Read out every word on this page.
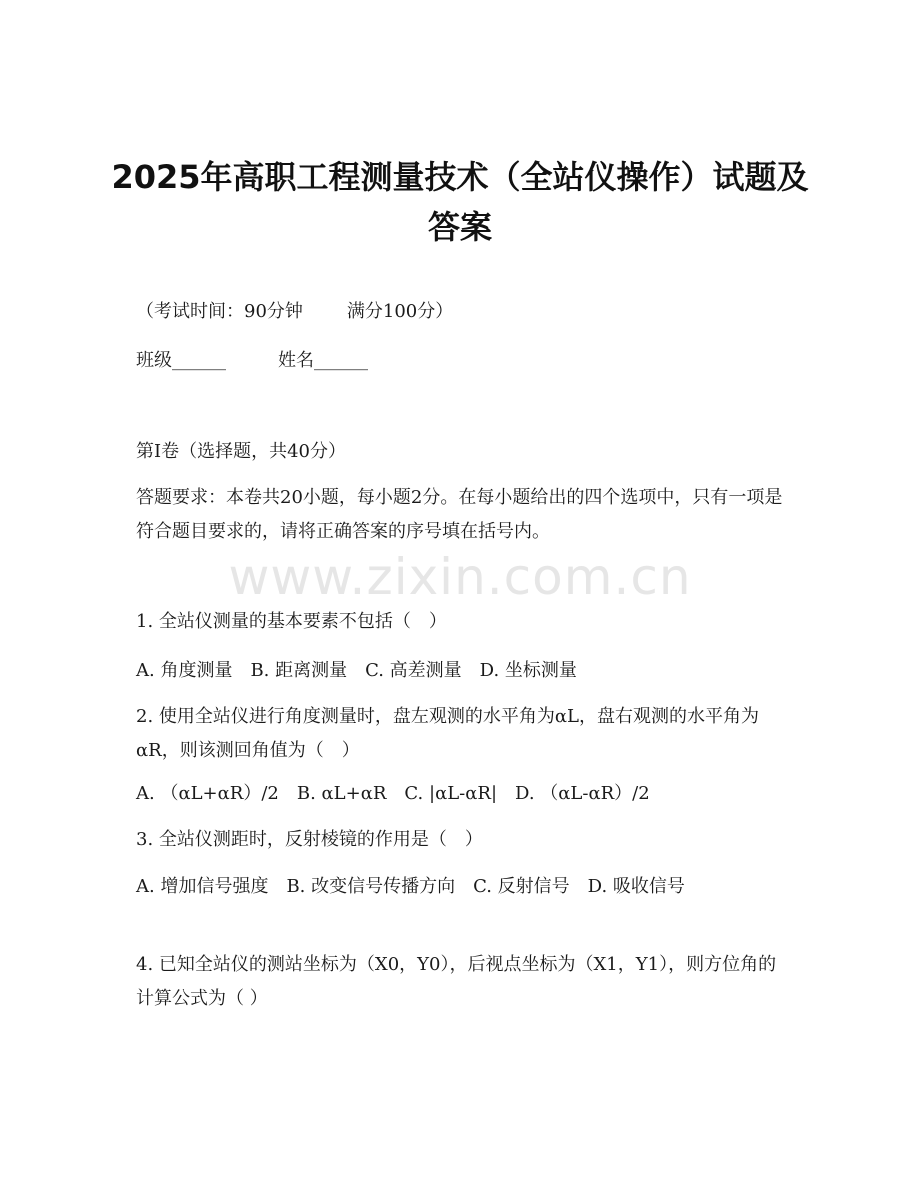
2025年高职工程测量技术（全站仪操作）试题及答案
（考试时间：90分钟 满分100分）
班级______	姓名______
第Ⅰ卷（选择题，共40分）
答题要求：本卷共20小题，每小题2分。在每小题给出的四个选项中，只有一项是符合题目要求的，请将正确答案的序号填在括号内。
www.zixin.com.cn
1. 全站仪测量的基本要素不包括（　）
A. 角度测量　B. 距离测量　C. 高差测量　D. 坐标测量
2. 使用全站仪进行角度测量时，盘左观测的水平角为αL，盘右观测的水平角为αR，则该测回角值为（　）
A. （αL+αR）/2　B. αL+αR　C. |αL-αR|　D. （αL-αR）/2
3. 全站仪测距时，反射棱镜的作用是（　）
A. 增加信号强度　B. 改变信号传播方向　C. 反射信号　D. 吸收信号
4. 已知全站仪的测站坐标为（X0，Y0），后视点坐标为（X1，Y1），则方位角的计算公式为（ ）
